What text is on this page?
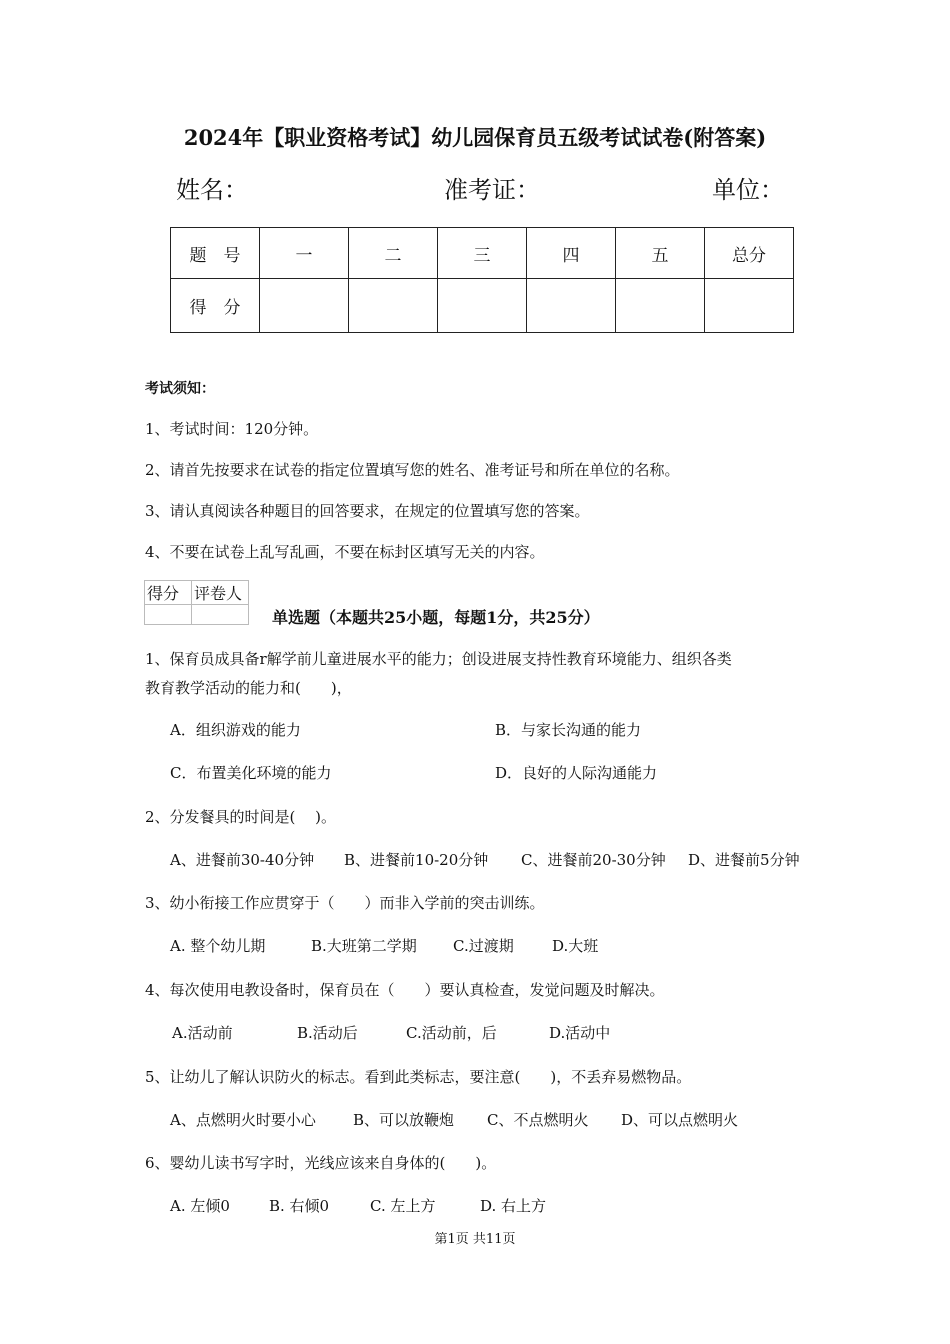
2024年【职业资格考试】幼儿园保育员五级考试试卷(附答案)
姓名：	准考证：	单位：
题　号	一	二	三	四	五	总分
得　分						
考试须知：
1、考试时间：120分钟。
2、请首先按要求在试卷的指定位置填写您的姓名、准考证号和所在单位的名称。
3、请认真阅读各种题目的回答要求，在规定的位置填写您的答案。
4、不要在试卷上乱写乱画，不要在标封区填写无关的内容。
得分	评卷人

单选题（本题共25小题，每题1分，共25分）
1、保育员成具备r解学前儿童进展水平的能力；创设进展支持性教育环境能力、组织各类
教育教学活动的能力和(　　)，
A．组织游戏的能力	B．与家长沟通的能力
C．布置美化环境的能力	D．良好的人际沟通能力
2、分发餐具的时间是(　 )。
A、进餐前30-40分钟 B、进餐前10-20分钟 C、进餐前20-30分钟 D、进餐前5分钟
3、幼小衔接工作应贯穿于（　　）而非入学前的突击训练。
A. 整个幼儿期	B.大班第二学期 C.过渡期	D.大班
4、每次使用电教设备时，保育员在（　　）要认真检查，发觉问题及时解决。
A.活动前	B.活动后	C.活动前，后	D.活动中
5、让幼儿了解认识防火的标志。看到此类标志，要注意(　　)，不丢弃易燃物品。
A、点燃明火时要小心 B、可以放鞭炮 C、不点燃明火 D、可以点燃明火
6、婴幼儿读书写字时，光线应该来自身体的(　　)。
A. 左倾0	B. 右倾0	C. 左上方	D. 右上方
第1页 共11页
